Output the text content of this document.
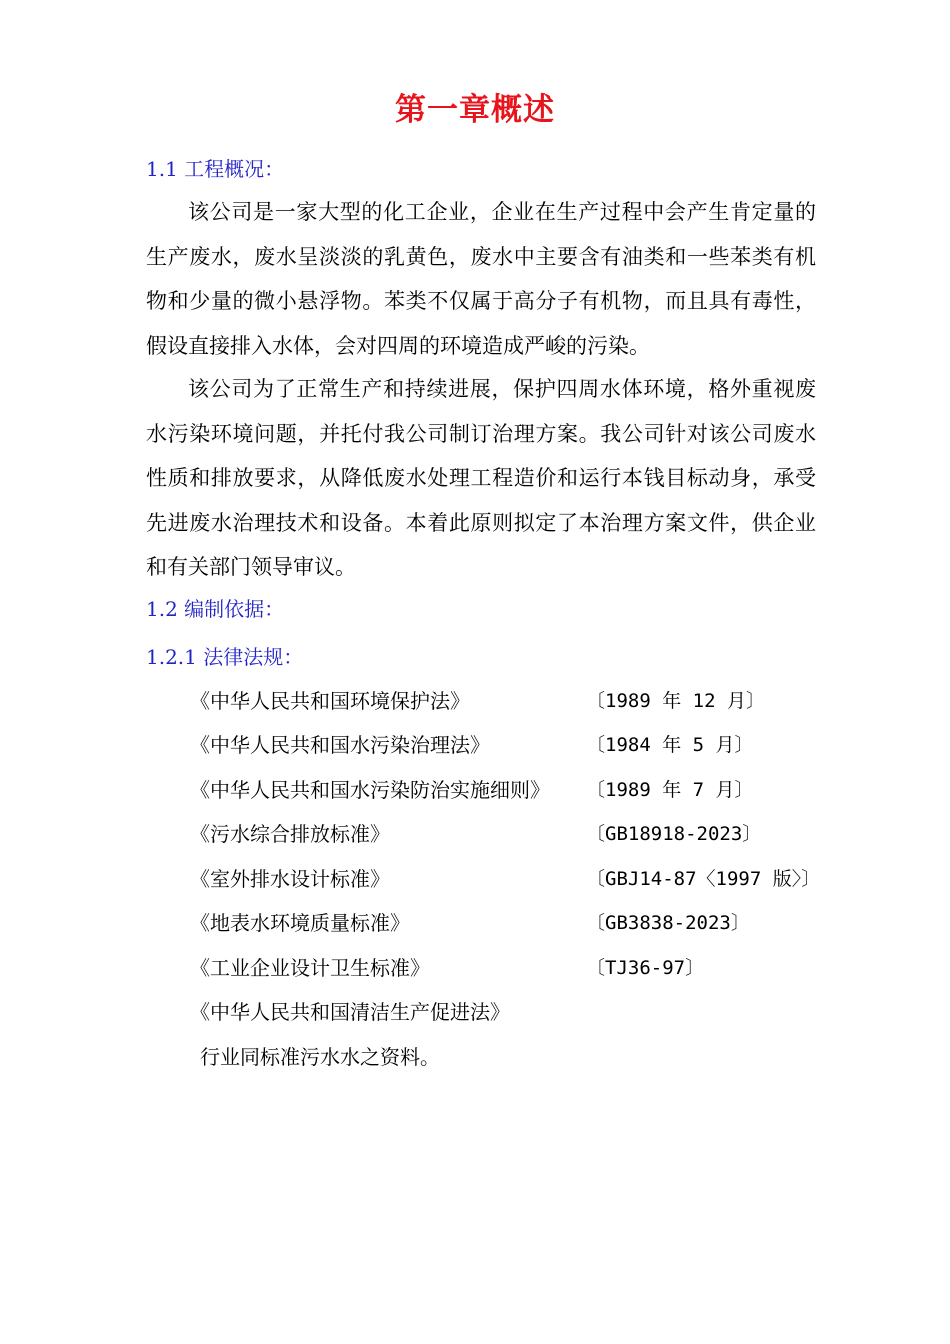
第一章概述
1.1 工程概况：
该公司是一家大型的化工企业，企业在生产过程中会产生肯定量的生产废水，废水呈淡淡的乳黄色，废水中主要含有油类和一些苯类有机物和少量的微小悬浮物。苯类不仅属于高分子有机物，而且具有毒性，假设直接排入水体，会对四周的环境造成严峻的污染。
该公司为了正常生产和持续进展，保护四周水体环境，格外重视废水污染环境问题，并托付我公司制订治理方案。我公司针对该公司废水性质和排放要求，从降低废水处理工程造价和运行本钱目标动身，承受先进废水治理技术和设备。本着此原则拟定了本治理方案文件，供企业和有关部门领导审议。
1.2 编制依据：
1.2.1 法律法规：
《中华人民共和国环境保护法》	〔1989 年 12 月〕
《中华人民共和国水污染治理法》	〔1984 年 5 月〕
《中华人民共和国水污染防治实施细则》 〔1989 年 7 月〕
《污水综合排放标准》	〔GB18918-2023〕
《室外排水设计标准》	〔GBJ14-87〈1997 版〉〕
《地表水环境质量标准》	〔GB3838-2023〕
《工业企业设计卫生标准》	〔TJ36-97〕
《中华人民共和国清洁生产促进法》
行业同标准污水水之资料。
